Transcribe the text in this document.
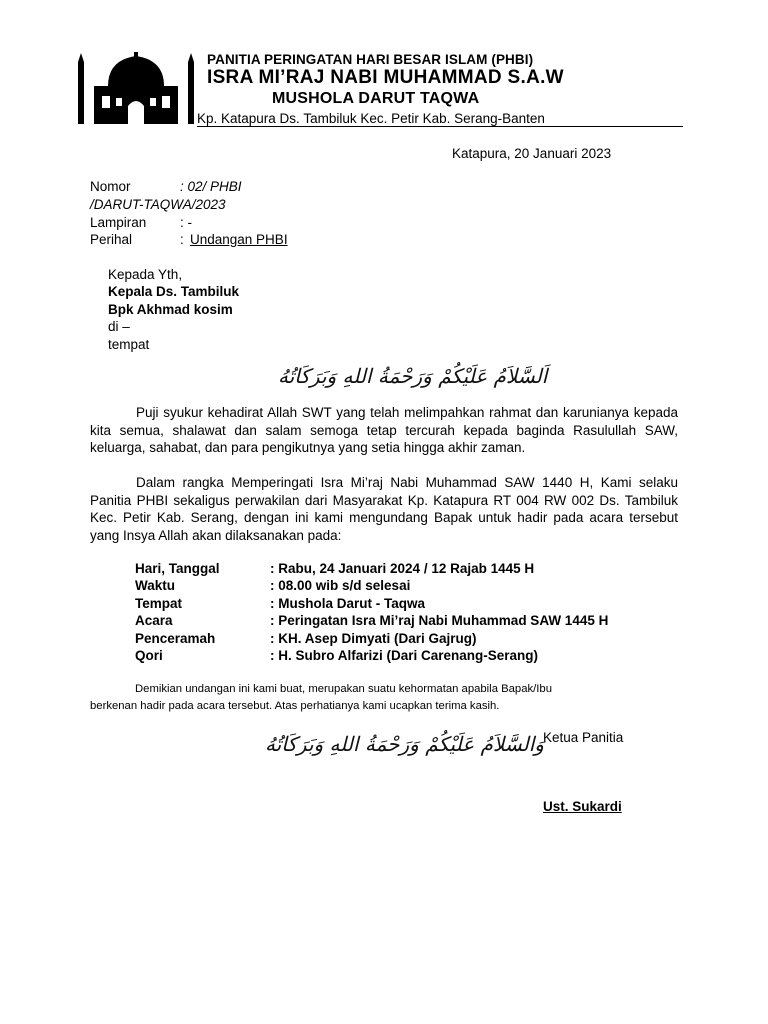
PANITIA PERINGATAN HARI BESAR ISLAM (PHBI)
ISRA MI’RAJ NABI MUHAMMAD S.A.W
MUSHOLA DARUT TAQWA
Kp. Katapura Ds. Tambiluk Kec. Petir Kab. Serang-Banten
Katapura, 20 Januari 2023
Nomor	: 02/ PHBI
/DARUT-TAQWA/2023
Lampiran : -
Perihal	: Undangan PHBI
Kepada Yth,
Kepala Ds. Tambiluk
Bpk Akhmad kosim
di –
tempat
اَلسَّلاَمُ عَلَيْكُمْ وَرَحْمَةُ اللهِ وَبَرَكَاتُهُ
Puji syukur kehadirat Allah SWT yang telah melimpahkan rahmat dan karunianya kepada kita semua, shalawat dan salam semoga tetap tercurah kepada baginda Rasulullah SAW, keluarga, sahabat, dan para pengikutnya yang setia hingga akhir zaman.
Dalam rangka Memperingati Isra Mi’raj Nabi Muhammad SAW 1440 H, Kami selaku Panitia PHBI sekaligus perwakilan dari Masyarakat Kp. Katapura RT 004 RW 002 Ds. Tambiluk Kec. Petir Kab. Serang, dengan ini kami mengundang Bapak untuk hadir pada acara tersebut yang Insya Allah akan dilaksanakan pada:
Hari, Tanggal	: Rabu, 24 Januari 2024 / 12 Rajab 1445 H
Waktu	: 08.00 wib s/d selesai
Tempat	: Mushola Darut - Taqwa
Acara	: Peringatan Isra Mi’raj Nabi Muhammad SAW 1445 H
Penceramah	: KH. Asep Dimyati (Dari Gajrug)
Qori	: H. Subro Alfarizi (Dari Carenang-Serang)
Demikian undangan ini kami buat, merupakan suatu kehormatan apabila Bapak/Ibu
berkenan hadir pada acara tersebut. Atas perhatianya kami ucapkan terima kasih.
وَالسَّلاَمُ عَلَيْكُمْ وَرَحْمَةُ اللهِ وَبَرَكَاتُهُ Ketua Panitia
Ust. Sukardi
